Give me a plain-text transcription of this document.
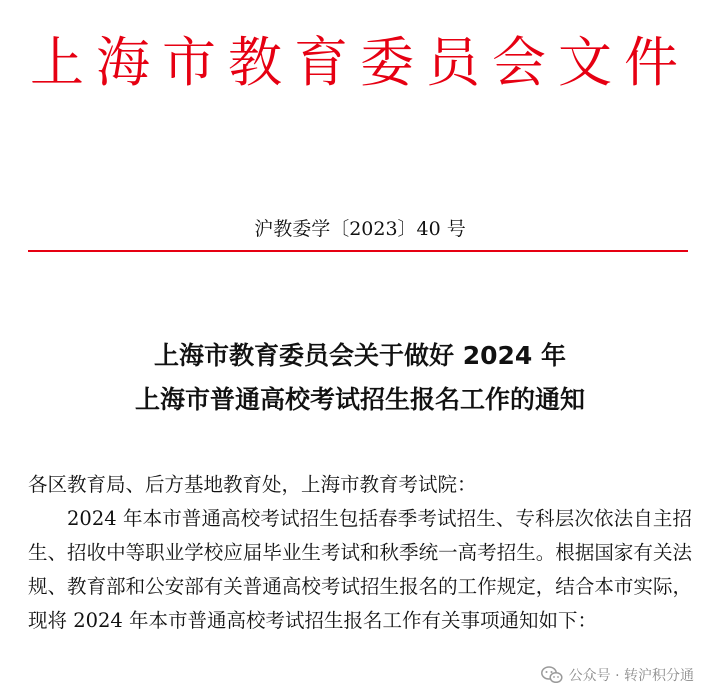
上海市教育委员会文件
沪教委学〔2023〕40 号
上海市教育委员会关于做好 2024 年
上海市普通高校考试招生报名工作的通知
各区教育局、后方基地教育处，上海市教育考试院：
2024 年本市普通高校考试招生包括春季考试招生、专科层次依法自主招生、招收中等职业学校应届毕业生考试和秋季统一高考招生。根据国家有关法规、教育部和公安部有关普通高校考试招生报名的工作规定，结合本市实际，现将 2024 年本市普通高校考试招生报名工作有关事项通知如下：
公众号 · 转沪积分通
